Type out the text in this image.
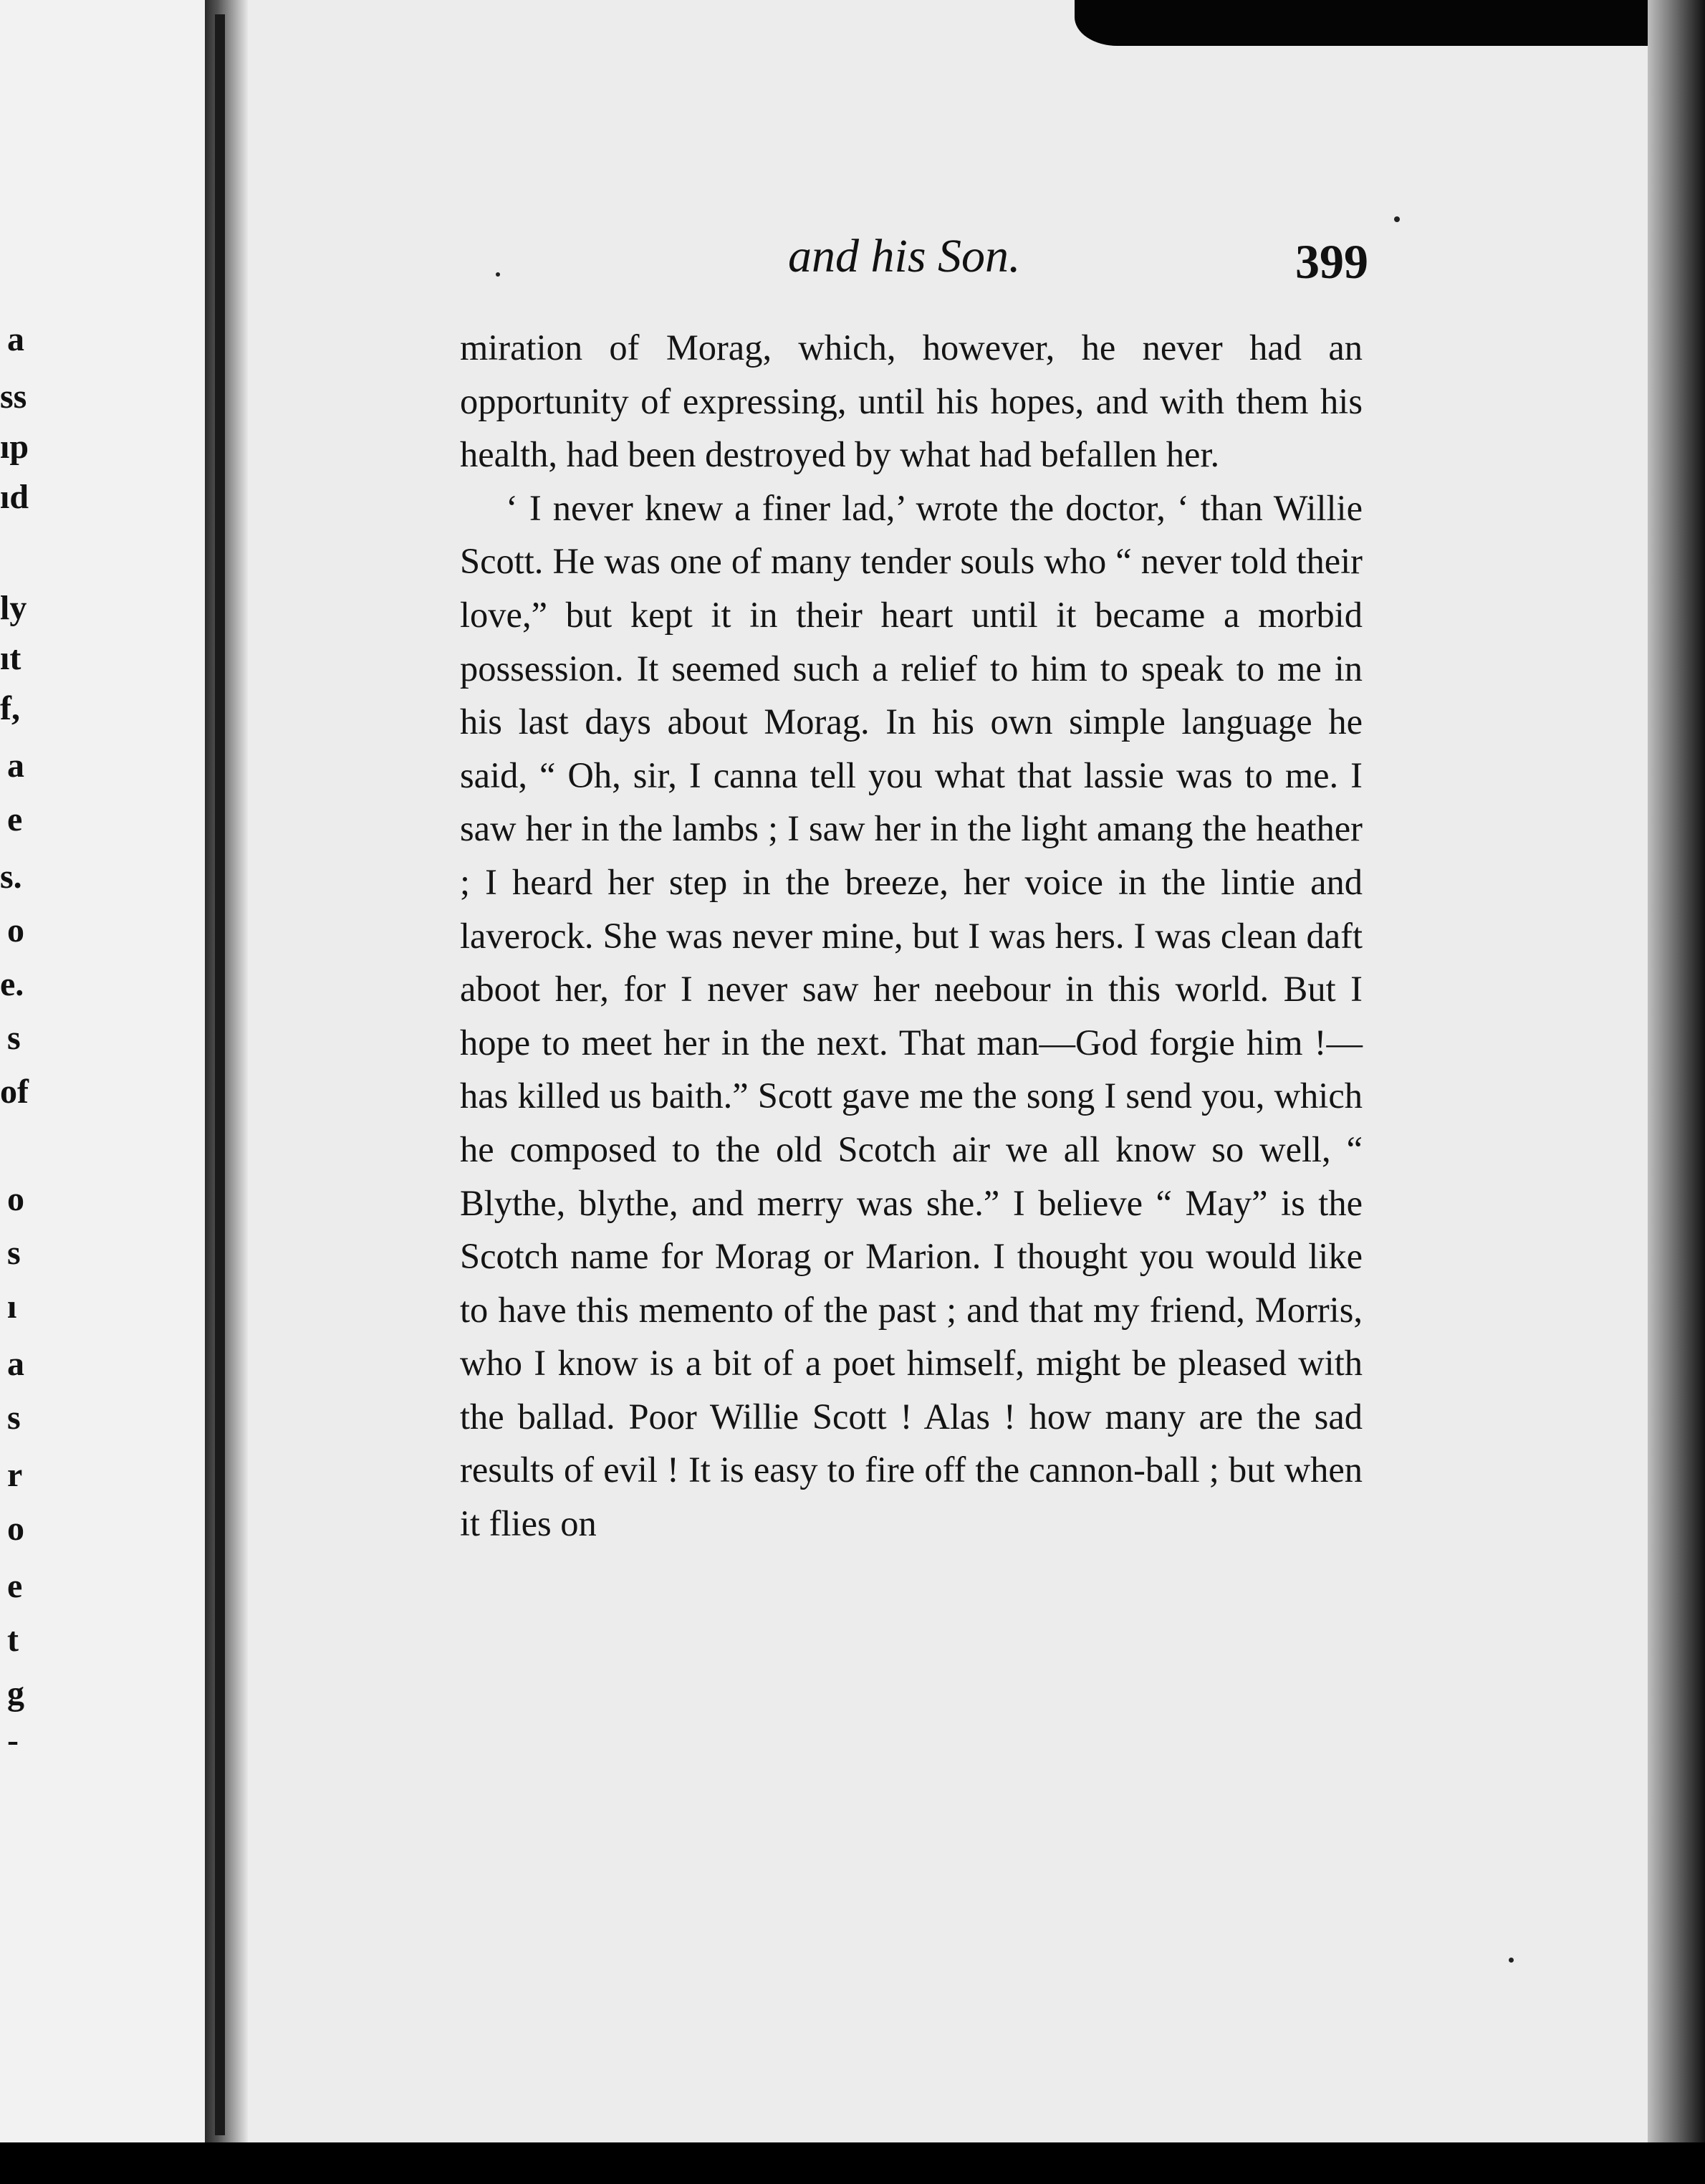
a
ss
ıp
ıd
ly
ıt
f,
a
e
s.
o
e.
s
of
o
s
ı
a
s
r
o
e
t
g
-
and his Son.	399

miration of Morag, which, however, he never had an opportunity of expressing, until his hopes, and with them his health, had been destroyed by what had befallen her.

‘ I never knew a finer lad,’ wrote the doctor, ‘ than Willie Scott. He was one of many tender souls who “ never told their love,” but kept it in their heart until it became a morbid possession. It seemed such a relief to him to speak to me in his last days about Morag. In his own simple language he said, “ Oh, sir, I canna tell you what that lassie was to me. I saw her in the lambs ; I saw her in the light amang the heather ; I heard her step in the breeze, her voice in the lintie and laverock. She was never mine, but I was hers. I was clean daft aboot her, for I never saw her neebour in this world. But I hope to meet her in the next. That man—God forgie him !—has killed us baith.” Scott gave me the song I send you, which he composed to the old Scotch air we all know so well, “ Blythe, blythe, and merry was she.” I believe “ May” is the Scotch name for Morag or Marion. I thought you would like to have this memento of the past ; and that my friend, Morris, who I know is a bit of a poet himself, might be pleased with the ballad. Poor Willie Scott ! Alas ! how many are the sad results of evil ! It is easy to fire off the cannon-ball ; but when it flies on
